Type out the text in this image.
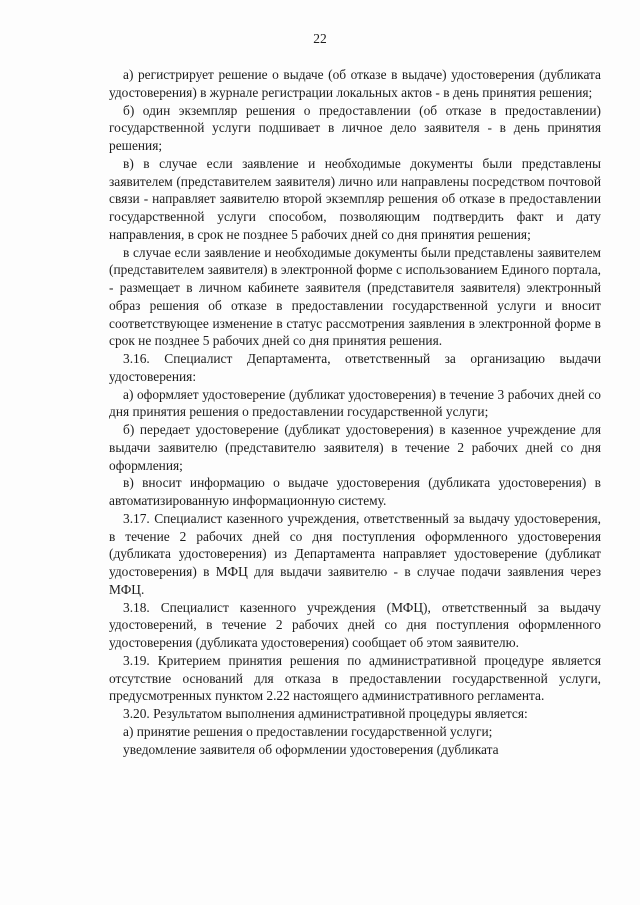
22

а) регистрирует решение о выдаче (об отказе в выдаче) удостоверения (дубликата удостоверения) в журнале регистрации локальных актов - в день принятия решения;

б) один экземпляр решения о предоставлении (об отказе в предоставлении) государственной услуги подшивает в личное дело заявителя - в день принятия решения;

в) в случае если заявление и необходимые документы были представлены заявителем (представителем заявителя) лично или направлены посредством почтовой связи - направляет заявителю второй экземпляр решения об отказе в предоставлении государственной услуги способом, позволяющим подтвердить факт и дату направления, в срок не позднее 5 рабочих дней со дня принятия решения;

в случае если заявление и необходимые документы были представлены заявителем (представителем заявителя) в электронной форме с использованием Единого портала, - размещает в личном кабинете заявителя (представителя заявителя) электронный образ решения об отказе в предоставлении государственной услуги и вносит соответствующее изменение в статус рассмотрения заявления в электронной форме в срок не позднее 5 рабочих дней со дня принятия решения.

3.16. Специалист Департамента, ответственный за организацию выдачи удостоверения:

а) оформляет удостоверение (дубликат удостоверения) в течение 3 рабочих дней со дня принятия решения о предоставлении государственной услуги;

б) передает удостоверение (дубликат удостоверения) в казенное учреждение для выдачи заявителю (представителю заявителя) в течение 2 рабочих дней со дня оформления;

в) вносит информацию о выдаче удостоверения (дубликата удостоверения) в автоматизированную информационную систему.

3.17. Специалист казенного учреждения, ответственный за выдачу удостоверения, в течение 2 рабочих дней со дня поступления оформленного удостоверения (дубликата удостоверения) из Департамента направляет удостоверение (дубликат удостоверения) в МФЦ для выдачи заявителю - в случае подачи заявления через МФЦ.

3.18. Специалист казенного учреждения (МФЦ), ответственный за выдачу удостоверений, в течение 2 рабочих дней со дня поступления оформленного удостоверения (дубликата удостоверения) сообщает об этом заявителю.

3.19. Критерием принятия решения по административной процедуре является отсутствие оснований для отказа в предоставлении государственной услуги, предусмотренных пунктом 2.22 настоящего административного регламента.

3.20. Результатом выполнения административной процедуры является:

а) принятие решения о предоставлении государственной услуги;

уведомление заявителя об оформлении удостоверения (дубликата
